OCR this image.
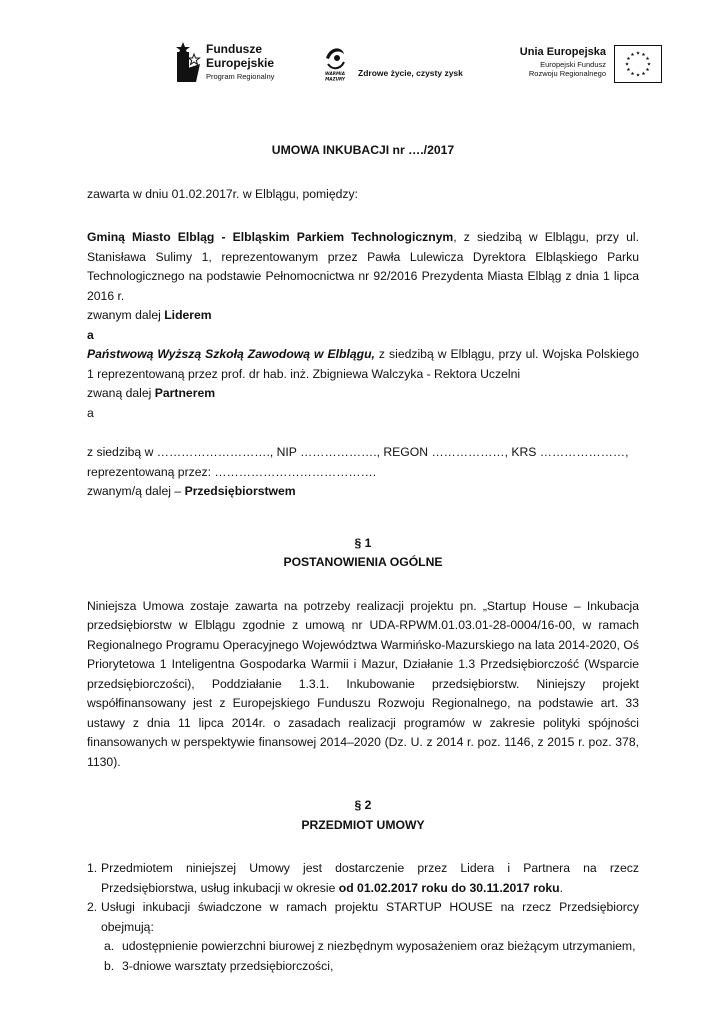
Fundusze
Europejskie
Program Regionalny	WARMIA
MAZURY
Zdrowe życie, czysty zysk
Unia Europejska
Europejski Fundusz
Rozwoju Regionalnego

UMOWA INKUBACJI nr …./2017

zawarta w dniu 01.02.2017r. w Elblągu, pomiędzy:

Gminą Miasto Elbląg - Elbląskim Parkiem Technologicznym, z siedzibą w Elblągu, przy ul. Stanisława Sulimy 1, reprezentowanym przez Pawła Lulewicza Dyrektora Elbląskiego Parku Technologicznego na podstawie Pełnomocnictwa nr 92/2016 Prezydenta Miasta Elbląg z dnia 1 lipca 2016 r.

zwanym dalej Liderem

a

Państwową Wyższą Szkołą Zawodową w Elblągu, z siedzibą w Elblągu, przy ul. Wojska Polskiego 1 reprezentowaną przez prof. dr hab. inż. Zbigniewa Walczyka - Rektora Uczelni

zwaną dalej Partnerem

a

z siedzibą w ………………………., NIP ………………., REGON ………………, KRS …………………,

reprezentowaną przez: ………………………………….

zwanym/ą dalej – Przedsiębiorstwem

§ 1

POSTANOWIENIA OGÓLNE

Niniejsza Umowa zostaje zawarta na potrzeby realizacji projektu pn. „Startup House – Inkubacja przedsiębiorstw w Elblągu zgodnie z umową nr UDA-RPWM.01.03.01-28-0004/16-00, w ramach Regionalnego Programu Operacyjnego Województwa Warmińsko-Mazurskiego na lata 2014-2020, Oś Priorytetowa 1 Inteligentna Gospodarka Warmii i Mazur, Działanie 1.3 Przedsiębiorczość (Wsparcie przedsiębiorczości), Poddziałanie 1.3.1. Inkubowanie przedsiębiorstw. Niniejszy projekt współfinansowany jest z Europejskiego Funduszu Rozwoju Regionalnego, na podstawie art. 33 ustawy z dnia 11 lipca 2014r. o zasadach realizacji programów w zakresie polityki spójności finansowanych w perspektywie finansowej 2014–2020 (Dz. U. z 2014 r. poz. 1146, z 2015 r. poz. 378, 1130).

§ 2

PRZEDMIOT UMOWY

1. Przedmiotem niniejszej Umowy jest dostarczenie przez Lidera i Partnera na rzecz Przedsiębiorstwa, usług inkubacji w okresie od 01.02.2017 roku do 30.11.2017 roku.
2. Usługi inkubacji świadczone w ramach projektu STARTUP HOUSE na rzecz Przedsiębiorcy obejmują:
a. udostępnienie powierzchni biurowej z niezbędnym wyposażeniem oraz bieżącym utrzymaniem,
b. 3-dniowe warsztaty przedsiębiorczości,
